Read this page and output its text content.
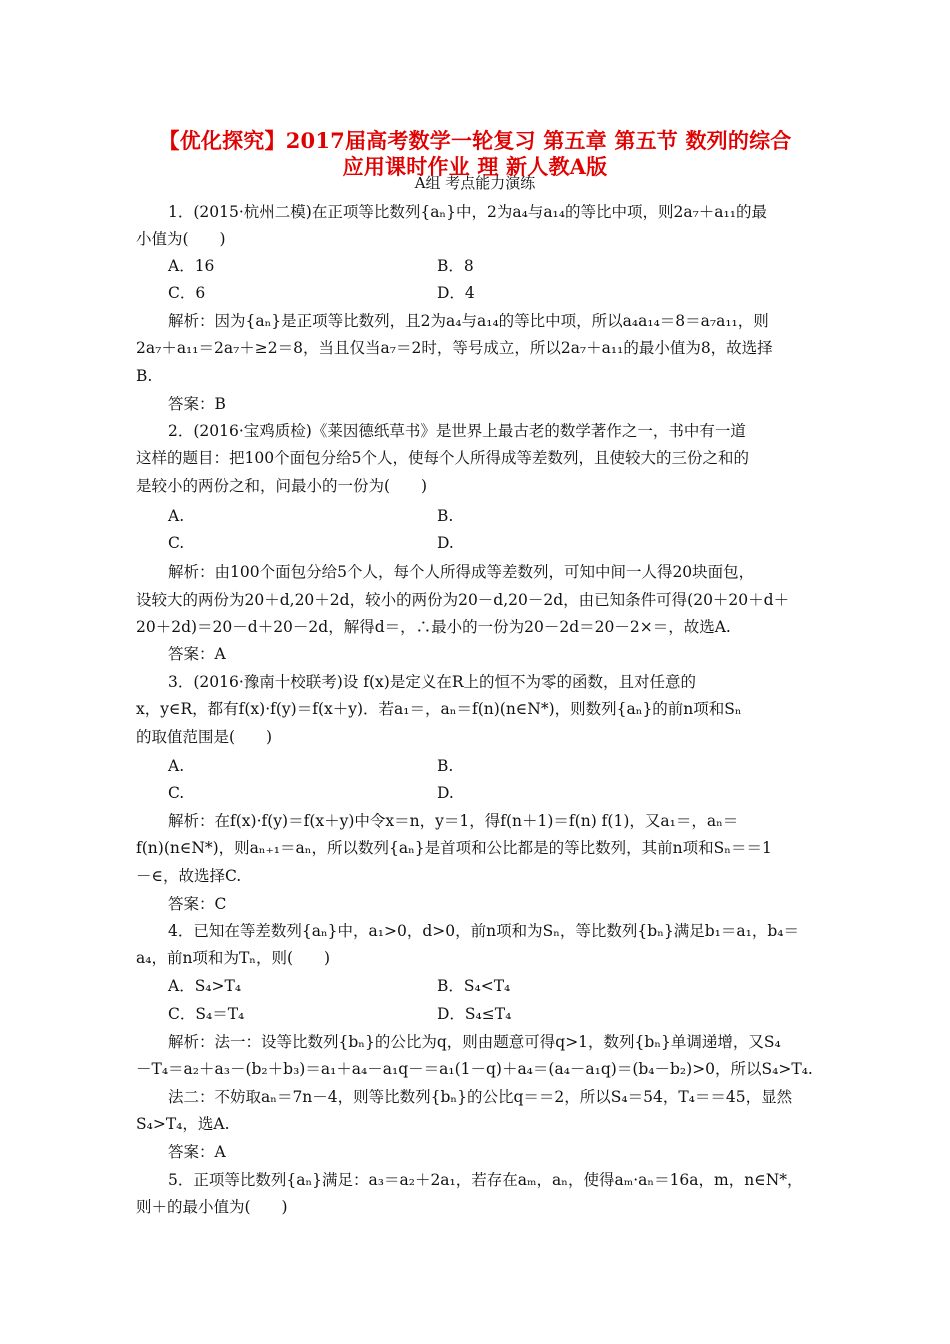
【优化探究】2017届高考数学一轮复习 第五章 第五节 数列的综合
应用课时作业 理 新人教A版
A组 考点能力演练
1．(2015·杭州二模)在正项等比数列{aₙ}中，2为a₄与a₁₄的等比中项，则2a₇＋a₁₁的最
小值为(　　)
A．16	B．8
C．6	D．4
解析：因为{aₙ}是正项等比数列，且2为a₄与a₁₄的等比中项，所以a₄a₁₄＝8＝a₇a₁₁，则
2a₇＋a₁₁＝2a₇＋≥2＝8，当且仅当a₇＝2时，等号成立，所以2a₇＋a₁₁的最小值为8，故选择
B.
答案：B
2．(2016·宝鸡质检)《莱因德纸草书》是世界上最古老的数学著作之一，书中有一道
这样的题目：把100个面包分给5个人，使每个人所得成等差数列，且使较大的三份之和的
是较小的两份之和，问最小的一份为(　　)
A.	B.
C.	D.
解析：由100个面包分给5个人，每个人所得成等差数列，可知中间一人得20块面包，
设较大的两份为20＋d,20＋2d，较小的两份为20－d,20－2d，由已知条件可得(20＋20＋d＋
20＋2d)＝20－d＋20－2d，解得d＝，∴最小的一份为20－2d＝20－2×＝，故选A.
答案：A
3．(2016·豫南十校联考)设 f(x)是定义在R上的恒不为零的函数，且对任意的
x，y∈R，都有f(x)·f(y)＝f(x＋y)．若a₁＝，aₙ＝f(n)(n∈N*)，则数列{aₙ}的前n项和Sₙ
的取值范围是(　　)
A.	B.
C.	D.
解析：在f(x)·f(y)＝f(x＋y)中令x＝n，y＝1，得f(n＋1)＝f(n) f(1)，又a₁＝，aₙ＝
f(n)(n∈N*)，则aₙ₊₁＝aₙ，所以数列{aₙ}是首项和公比都是的等比数列，其前n项和Sₙ＝＝1
－∈，故选择C.
答案：C
4．已知在等差数列{aₙ}中，a₁>0，d>0，前n项和为Sₙ，等比数列{bₙ}满足b₁＝a₁，b₄＝
a₄，前n项和为Tₙ，则(　　)
A．S₄>T₄	B．S₄<T₄
C．S₄＝T₄	D．S₄≤T₄
解析：法一：设等比数列{bₙ}的公比为q，则由题意可得q>1，数列{bₙ}单调递增，又S₄
－T₄＝a₂＋a₃－(b₂＋b₃)＝a₁＋a₄－a₁q－＝a₁(1－q)＋a₄＝(a₄－a₁q)＝(b₄－b₂)>0，所以S₄>T₄.
法二：不妨取aₙ＝7n－4，则等比数列{bₙ}的公比q＝＝2，所以S₄＝54，T₄＝＝45，显然
S₄>T₄，选A.
答案：A
5．正项等比数列{aₙ}满足：a₃＝a₂＋2a₁，若存在aₘ，aₙ，使得aₘ·aₙ＝16a，m，n∈N*，
则＋的最小值为(　　)
